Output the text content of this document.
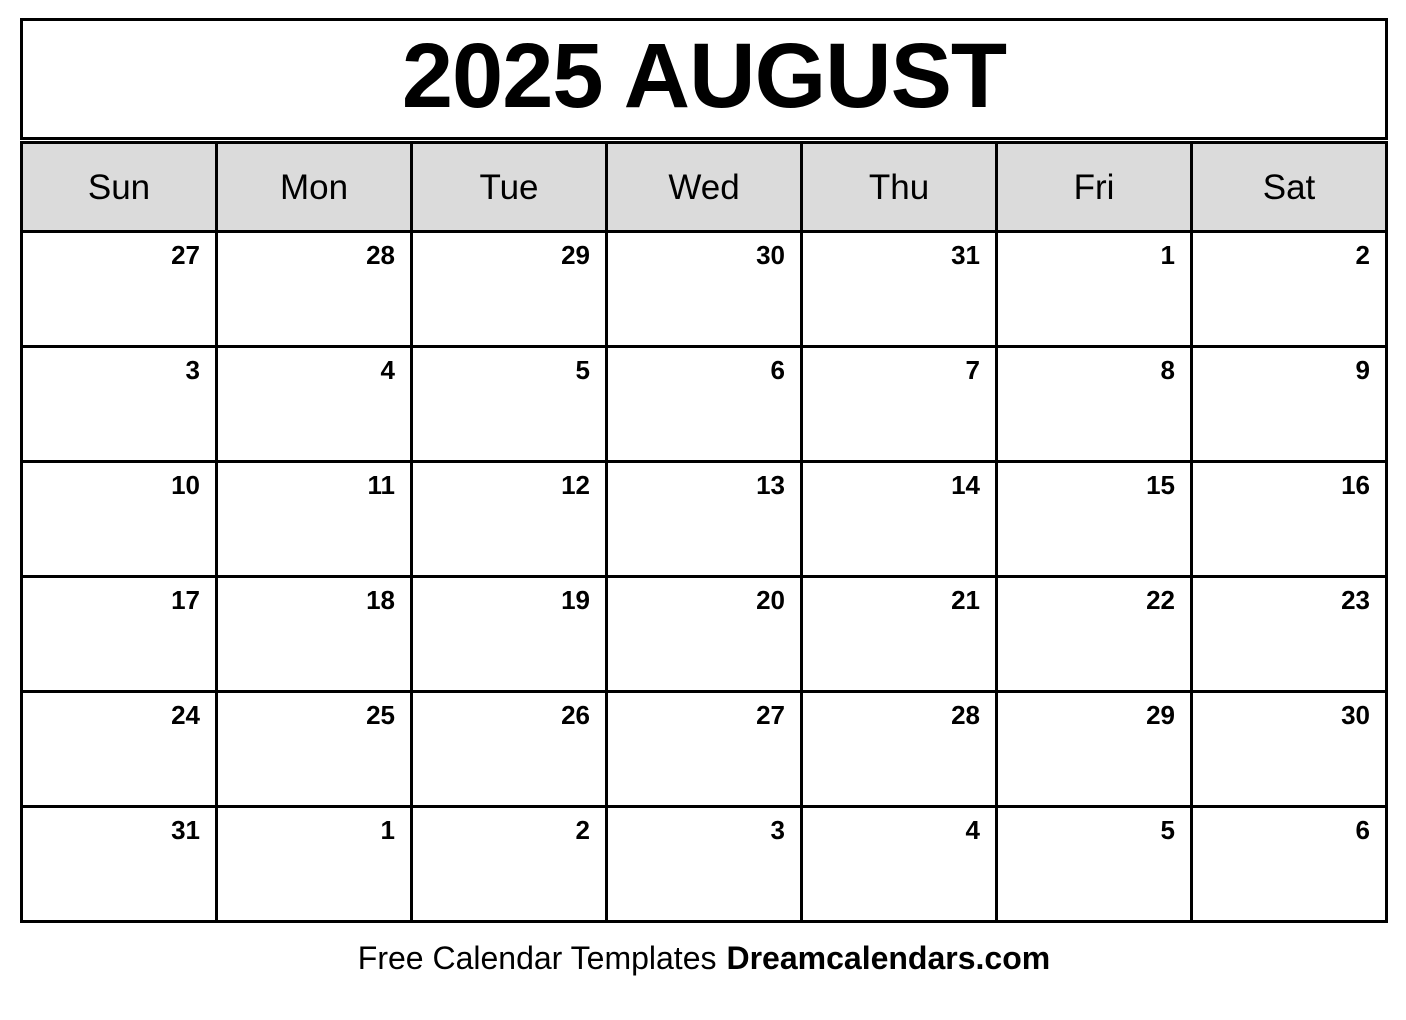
2025 AUGUST
Sun	Mon	Tue	Wed	Thu	Fri	Sat
27	28	29	30	31	1	2
3	4	5	6	7	8	9
10	11	12	13	14	15	16
17	18	19	20	21	22	23
24	25	26	27	28	29	30
31	1	2	3	4	5	6
Free Calendar Templates Dreamcalendars.com
